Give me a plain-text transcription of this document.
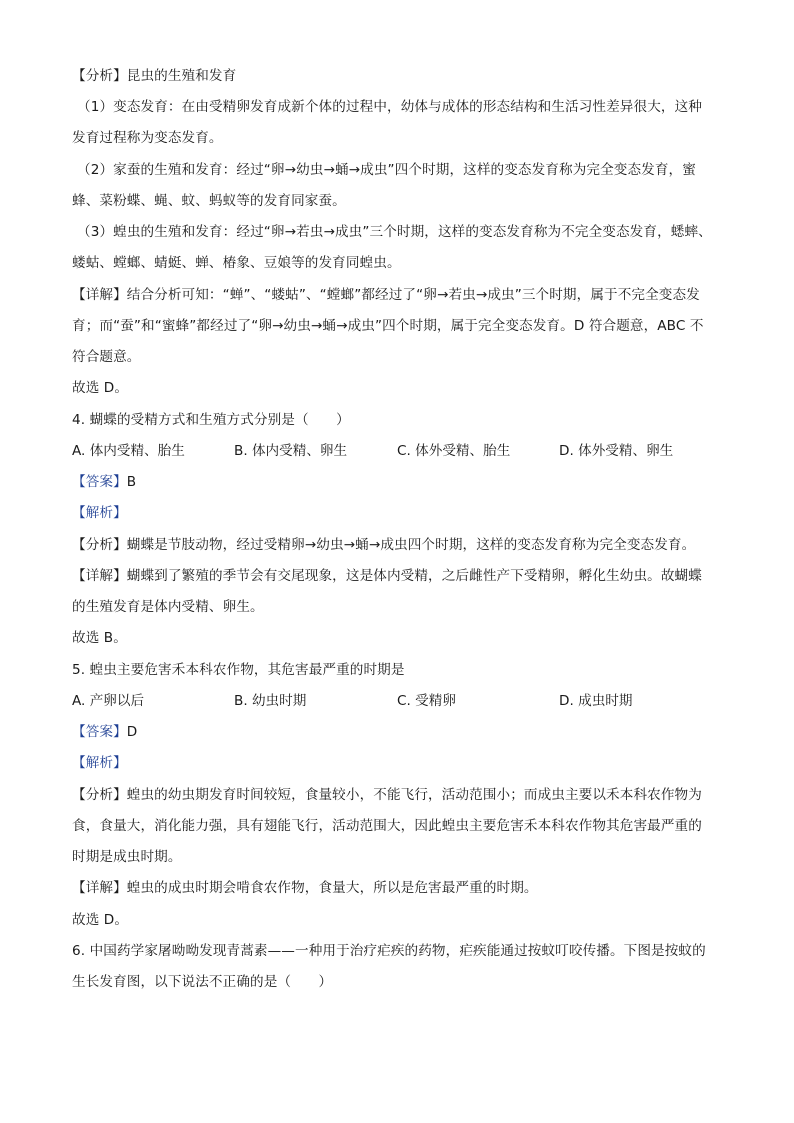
【分析】昆虫的生殖和发育
（1）变态发育：在由受精卵发育成新个体的过程中，幼体与成体的形态结构和生活习性差异很大，这种
发育过程称为变态发育。
（2）家蚕的生殖和发育：经过“卵→幼虫→蛹→成虫”四个时期，这样的变态发育称为完全变态发育，蜜
蜂、菜粉蝶、蝇、蚊、蚂蚁等的发育同家蚕。
（3）蝗虫的生殖和发育：经过“卵→若虫→成虫”三个时期，这样的变态发育称为不完全变态发育，蟋蟀、
蝼蛄、螳螂、蜻蜓、蝉、椿象、豆娘等的发育同蝗虫。
【详解】结合分析可知：“蝉”、“蝼蛄”、“螳螂”都经过了“卵→若虫→成虫”三个时期，属于不完全变态发
育；而“蚕”和“蜜蜂”都经过了“卵→幼虫→蛹→成虫”四个时期，属于完全变态发育。D 符合题意，ABC 不
符合题意。
故选 D。
4. 蝴蝶的受精方式和生殖方式分别是（　　）
A. 体内受精、胎生	B. 体内受精、卵生	C. 体外受精、胎生	D. 体外受精、卵生
【答案】B
【解析】
【分析】蝴蝶是节肢动物，经过受精卵→幼虫→蛹→成虫四个时期，这样的变态发育称为完全变态发育。
【详解】蝴蝶到了繁殖的季节会有交尾现象，这是体内受精，之后雌性产下受精卵，孵化生幼虫。故蝴蝶
的生殖发育是体内受精、卵生。
故选 B。
5. 蝗虫主要危害禾本科农作物，其危害最严重的时期是
A. 产卵以后	B. 幼虫时期	C. 受精卵	D. 成虫时期
【答案】D
【解析】
【分析】蝗虫的幼虫期发育时间较短，食量较小，不能飞行，活动范围小；而成虫主要以禾本科农作物为
食，食量大，消化能力强，具有翅能飞行，活动范围大，因此蝗虫主要危害禾本科农作物其危害最严重的
时期是成虫时期。
【详解】蝗虫的成虫时期会啃食农作物，食量大，所以是危害最严重的时期。
故选 D。
6. 中国药学家屠呦呦发现青蒿素——一种用于治疗疟疾的药物，疟疾能通过按蚊叮咬传播。下图是按蚊的
生长发育图，以下说法不正确的是（　　）
